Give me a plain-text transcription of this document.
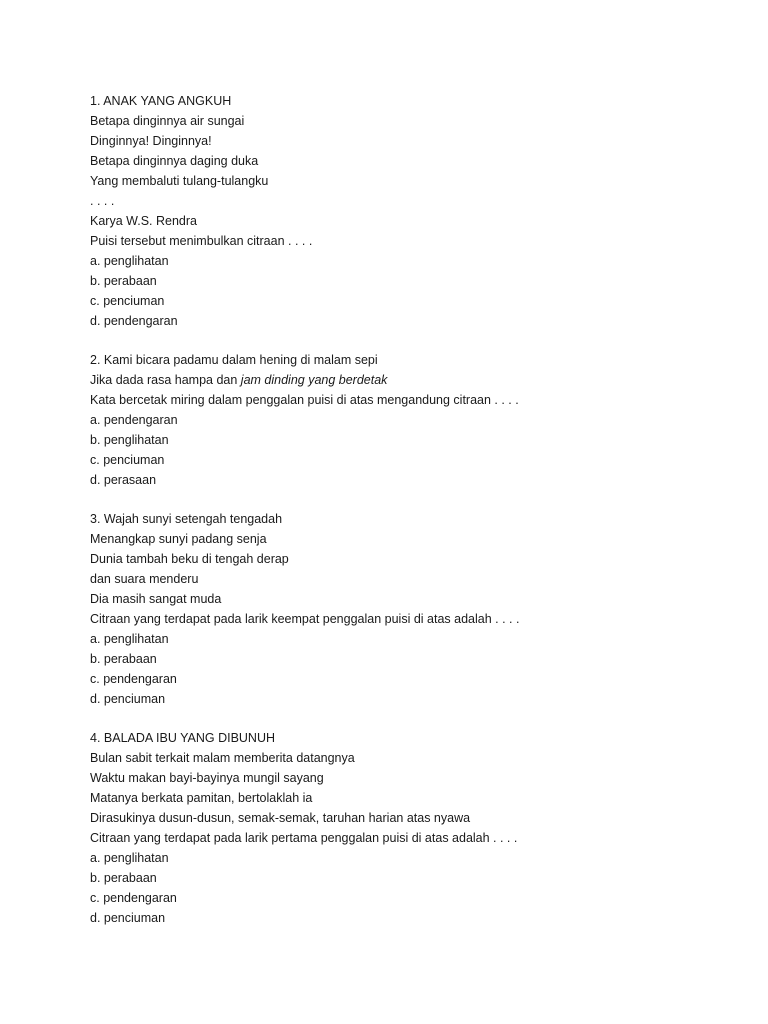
1. ANAK YANG ANGKUH
Betapa dinginnya air sungai
Dinginnya! Dinginnya!
Betapa dinginnya daging duka
Yang membaluti tulang-tulangku
. . . .
Karya W.S. Rendra
Puisi tersebut menimbulkan citraan . . . .
a. penglihatan
b. perabaan
c. penciuman
d. pendengaran
2. Kami bicara padamu dalam hening di malam sepi
Jika dada rasa hampa dan jam dinding yang berdetak
Kata bercetak miring dalam penggalan puisi di atas mengandung citraan . . . .
a. pendengaran
b. penglihatan
c. penciuman
d. perasaan
3. Wajah sunyi setengah tengadah
Menangkap sunyi padang senja
Dunia tambah beku di tengah derap
dan suara menderu
Dia masih sangat muda
Citraan yang terdapat pada larik keempat penggalan puisi di atas adalah . . . .
a. penglihatan
b. perabaan
c. pendengaran
d. penciuman
4. BALADA IBU YANG DIBUNUH
Bulan sabit terkait malam memberita datangnya
Waktu makan bayi-bayinya mungil sayang
Matanya berkata pamitan, bertolaklah ia
Dirasukinya dusun-dusun, semak-semak, taruhan harian atas nyawa
Citraan yang terdapat pada larik pertama penggalan puisi di atas adalah . . . .
a. penglihatan
b. perabaan
c. pendengaran
d. penciuman
